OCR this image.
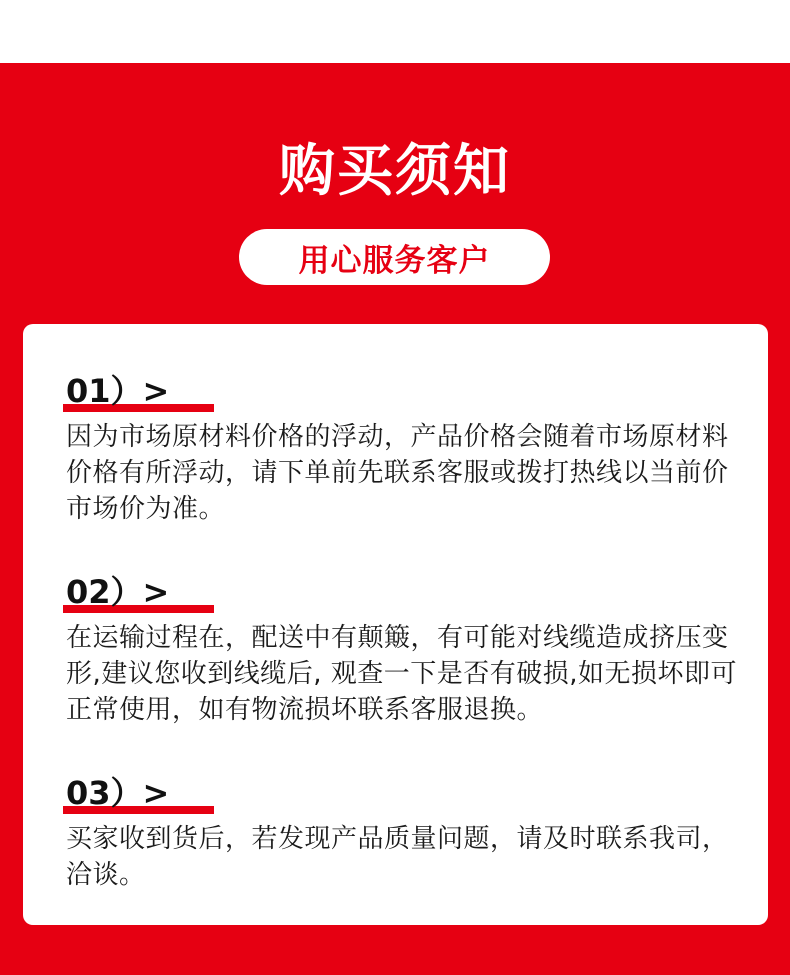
购买须知
用心服务客户
01）>
因为市场原材料价格的浮动，产品价格会随着市场原材料价格有所浮动，请下单前先联系客服或拨打热线以当前价市场价为准。
02）>
在运输过程在，配送中有颠簸，有可能对线缆造成挤压变形,建议您收到线缆后, 观查一下是否有破损,如无损坏即可正常使用，如有物流损坏联系客服退换。
03）>
买家收到货后，若发现产品质量问题，请及时联系我司，洽谈。
